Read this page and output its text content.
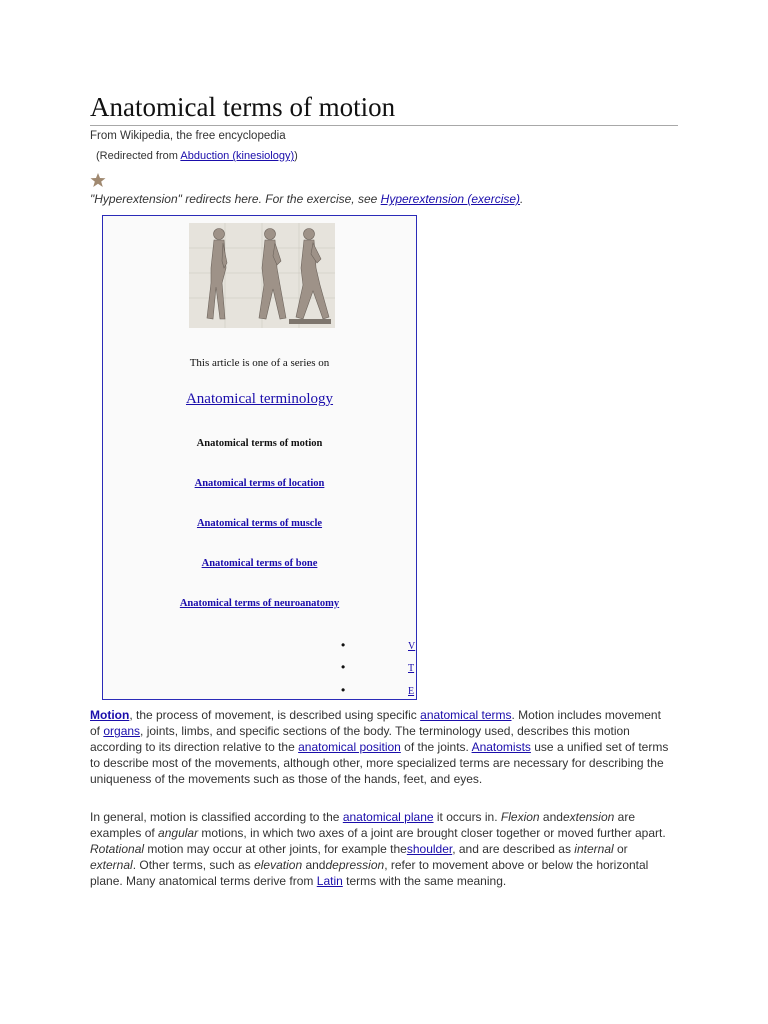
Anatomical terms of motion
From Wikipedia, the free encyclopedia
(Redirected from Abduction (kinesiology))
"Hyperextension" redirects here. For the exercise, see Hyperextension (exercise).
This article is one of a series on
Anatomical terminology
Anatomical terms of motion
Anatomical terms of location
Anatomical terms of muscle
Anatomical terms of bone
Anatomical terms of neuroanatomy
•
•
•
V
T
E

Motion, the process of movement, is described using specific anatomical terms. Motion includes movement of organs, joints, limbs, and specific sections of the body. The terminology used, describes this motion according to its direction relative to the anatomical position of the joints. Anatomists use a unified set of terms to describe most of the movements, although other, more specialized terms are necessary for describing the uniqueness of the movements such as those of the hands, feet, and eyes.

In general, motion is classified according to the anatomical plane it occurs in. Flexion andextension are examples of angular motions, in which two axes of a joint are brought closer together or moved further apart. Rotational motion may occur at other joints, for example theshoulder, and are described as internal or external. Other terms, such as elevation anddepression, refer to movement above or below the horizontal plane. Many anatomical terms derive from Latin terms with the same meaning.
